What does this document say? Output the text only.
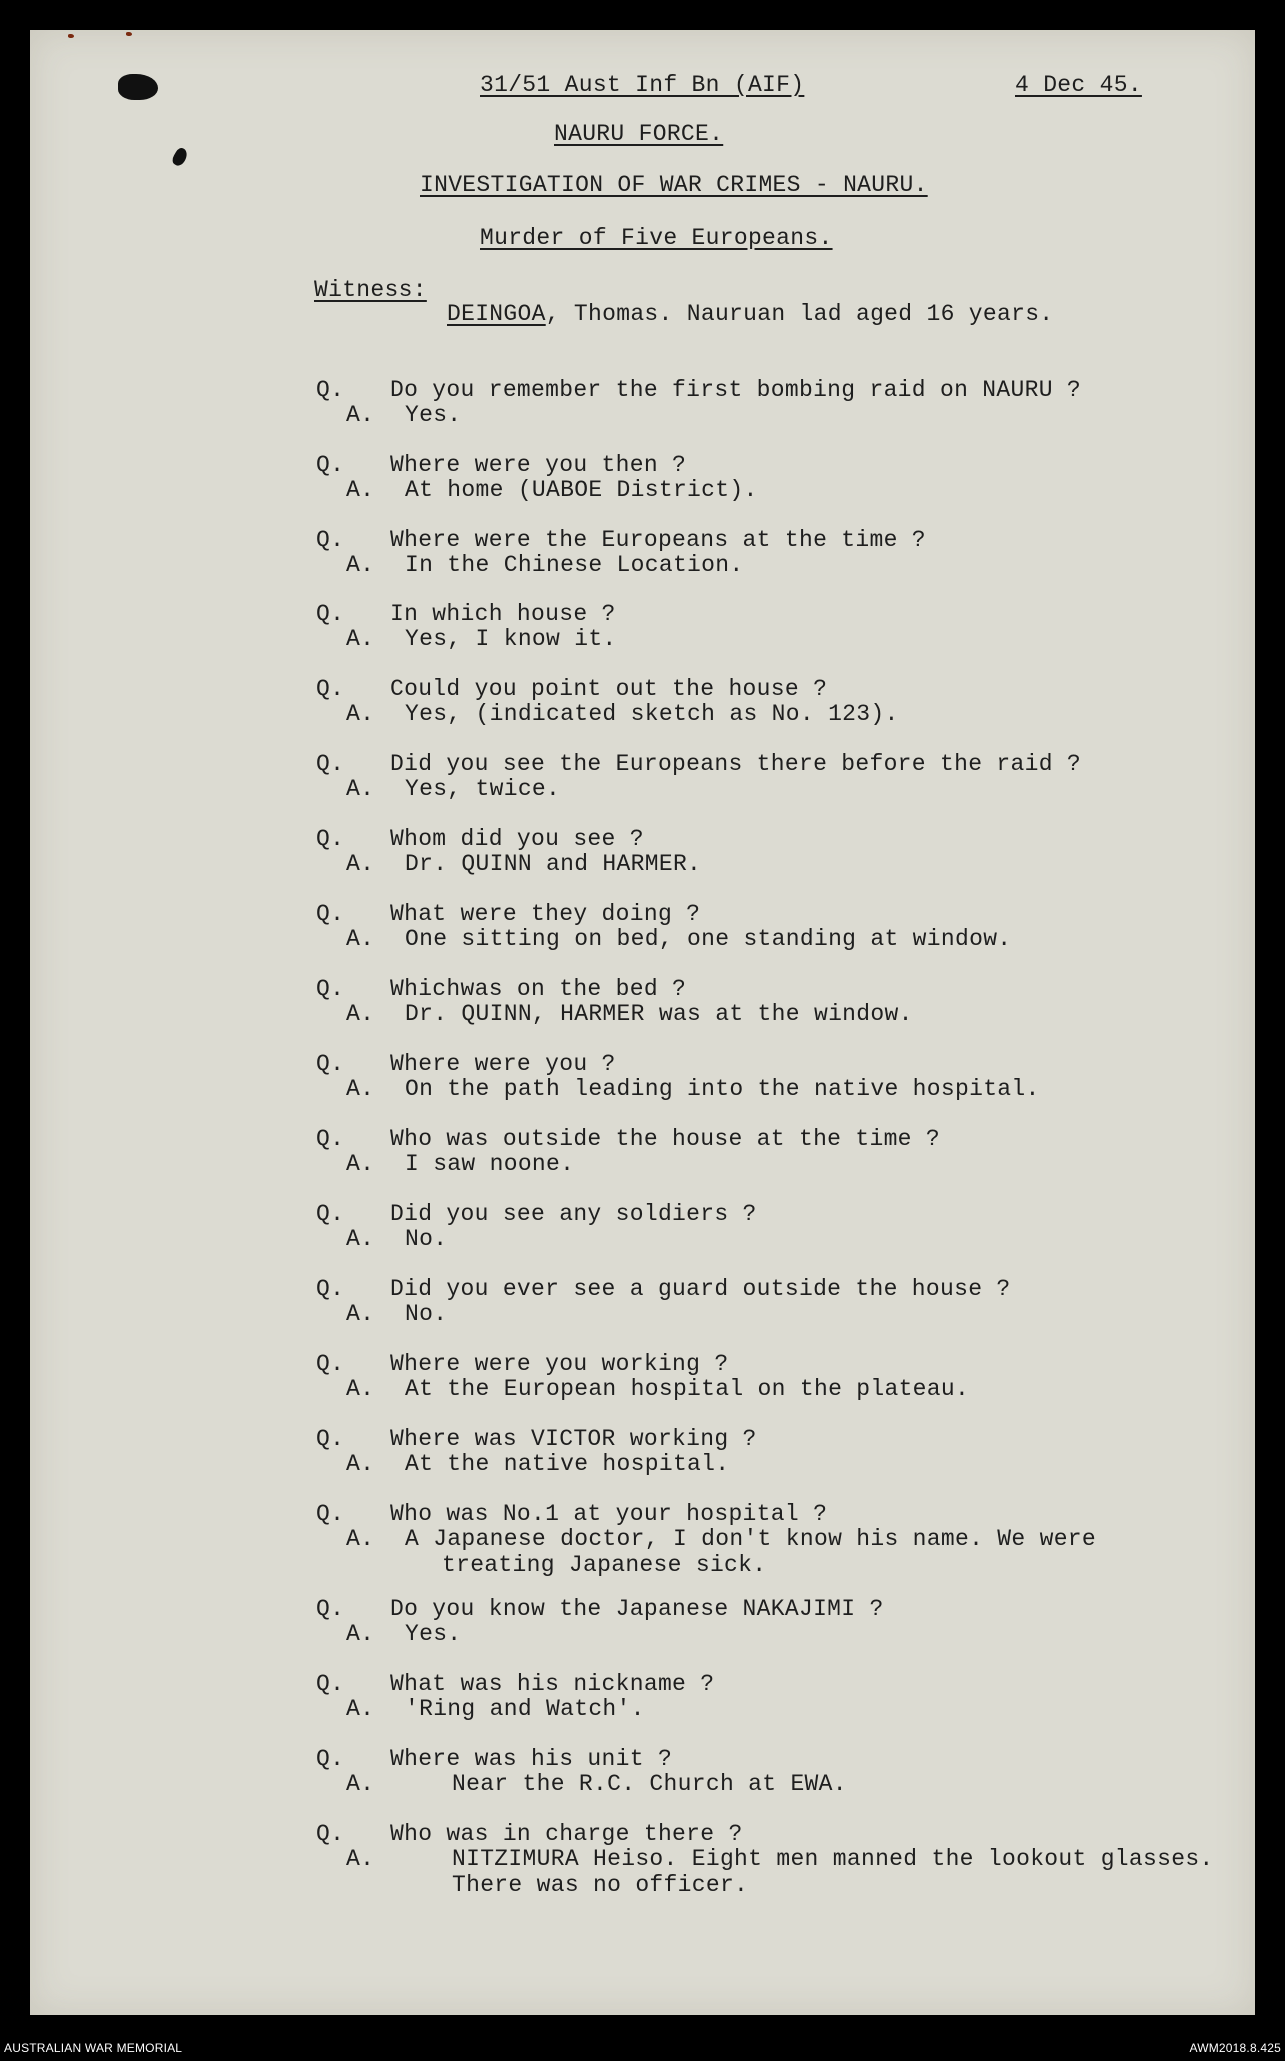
31/51 Aust Inf Bn (AIF)	4 Dec 45.
NAURU FORCE.
INVESTIGATION OF WAR CRIMES - NAURU.
Murder of Five Europeans.
Witness:
DEINGOA, Thomas. Nauruan lad aged 16 years.
Q. Do you remember the first bombing raid on NAURU ?
A. Yes.
Q. Where were you then ?
A. At home (UABOE District).
Q. Where were the Europeans at the time ?
A. In the Chinese Location.
Q. In which house ?
A. Yes, I know it.
Q. Could you point out the house ?
A. Yes, (indicated sketch as No. 123).
Q. Did you see the Europeans there before the raid ?
A. Yes, twice.
Q. Whom did you see ?
A. Dr. QUINN and HARMER.
Q. What were they doing ?
A. One sitting on bed, one standing at window.
Q. Whichwas on the bed ?
A. Dr. QUINN, HARMER was at the window.
Q. Where were you ?
A. On the path leading into the native hospital.
Q. Who was outside the house at the time ?
A. I saw noone.
Q. Did you see any soldiers ?
A. No.
Q. Did you ever see a guard outside the house ?
A. No.
Q. Where were you working ?
A. At the European hospital on the plateau.
Q. Where was VICTOR working ?
A. At the native hospital.
Q. Who was No.1 at your hospital ?
A. A Japanese doctor, I don't know his name. We were
treating Japanese sick.
Q. Do you know the Japanese NAKAJIMI ?
A. Yes.
Q. What was his nickname ?
A. 'Ring and Watch'.
Q. Where was his unit ?
A.	Near the R.C. Church at EWA.
Q. Who was in charge there ?
A.	NITZIMURA Heiso. Eight men manned the lookout glasses.
There was no officer.
AUSTRALIAN WAR MEMORIAL	AWM2018.8.425
